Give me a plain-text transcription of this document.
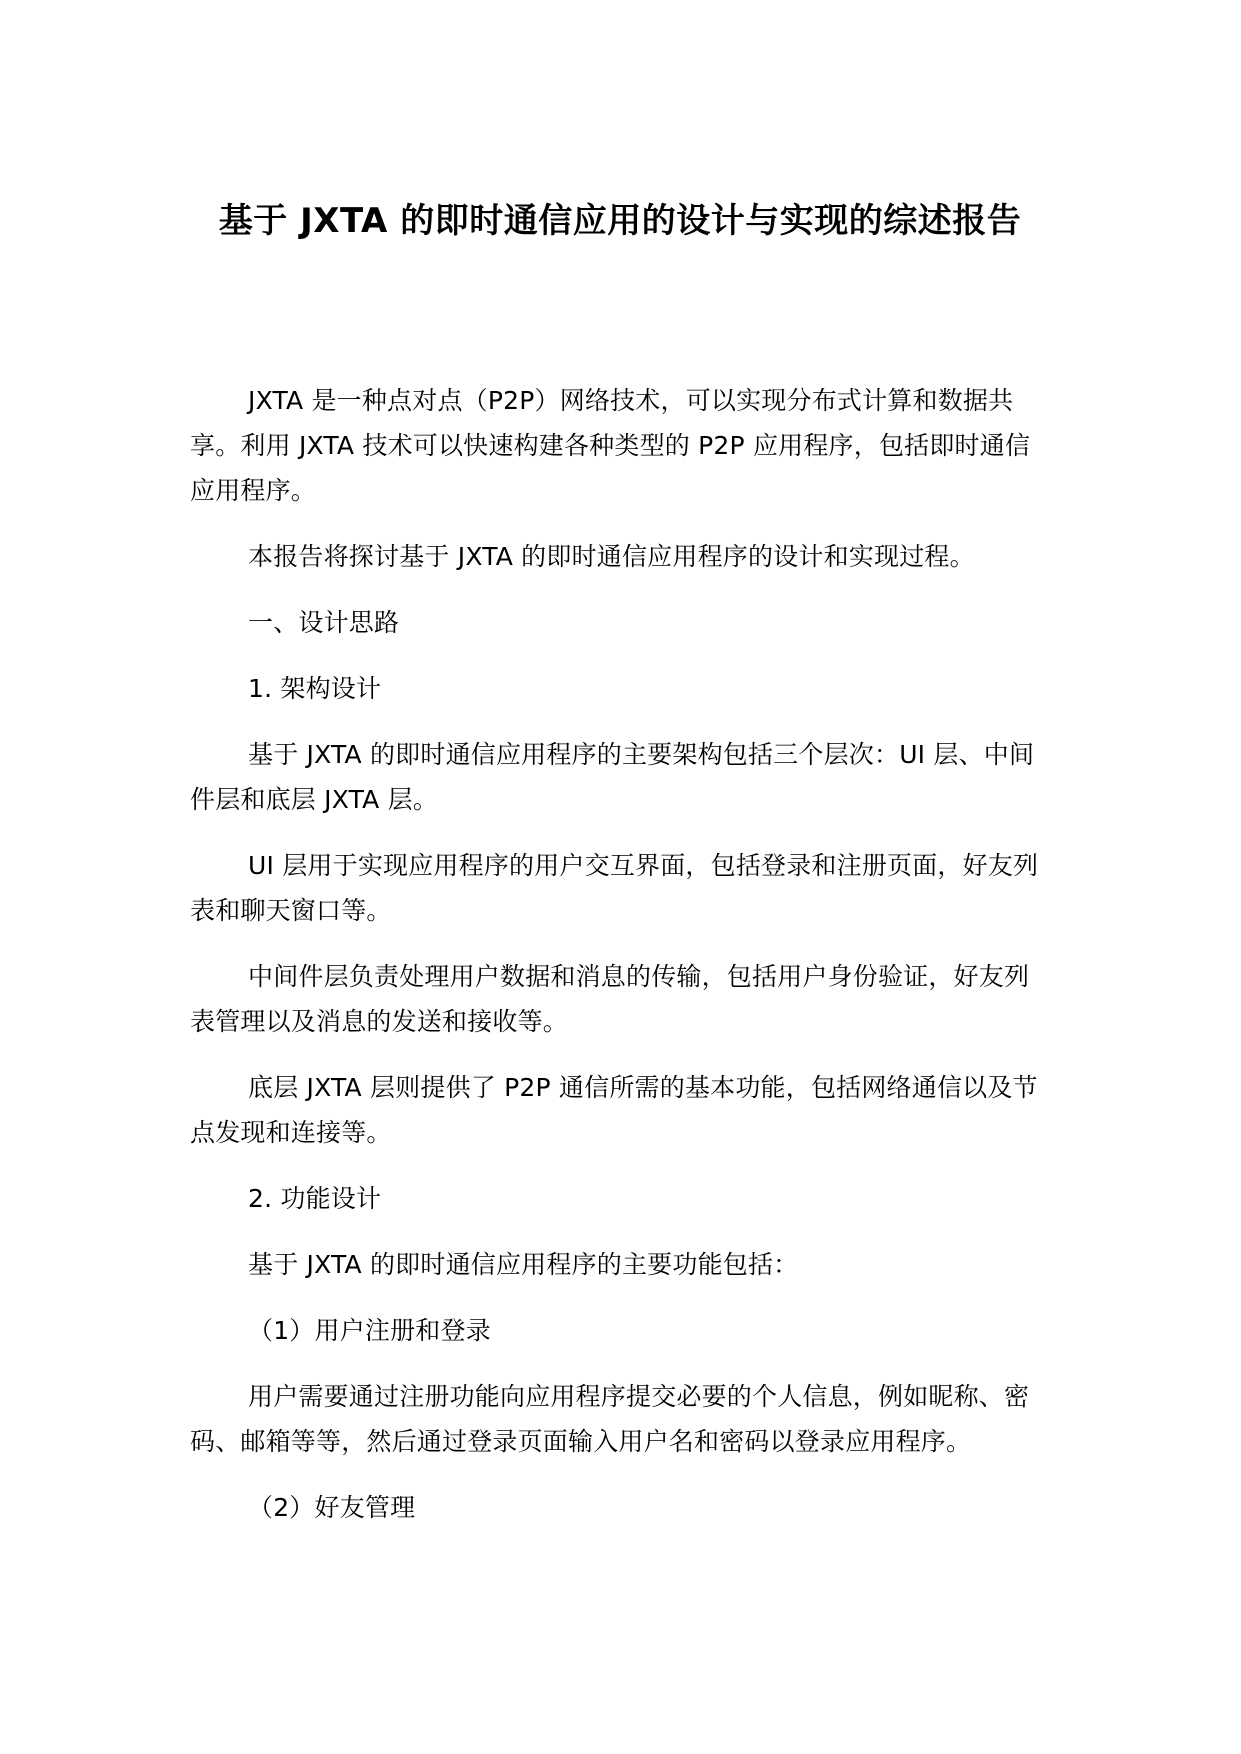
基于 JXTA 的即时通信应用的设计与实现的综述报告

JXTA 是一种点对点（P2P）网络技术，可以实现分布式计算和数据共享。利用 JXTA 技术可以快速构建各种类型的 P2P 应用程序，包括即时通信应用程序。

本报告将探讨基于 JXTA 的即时通信应用程序的设计和实现过程。

一、设计思路

1. 架构设计

基于 JXTA 的即时通信应用程序的主要架构包括三个层次：UI 层、中间件层和底层 JXTA 层。

UI 层用于实现应用程序的用户交互界面，包括登录和注册页面，好友列表和聊天窗口等。

中间件层负责处理用户数据和消息的传输，包括用户身份验证，好友列表管理以及消息的发送和接收等。

底层 JXTA 层则提供了 P2P 通信所需的基本功能，包括网络通信以及节点发现和连接等。

2. 功能设计

基于 JXTA 的即时通信应用程序的主要功能包括：

（1）用户注册和登录

用户需要通过注册功能向应用程序提交必要的个人信息，例如昵称、密码、邮箱等等，然后通过登录页面输入用户名和密码以登录应用程序。

（2）好友管理
